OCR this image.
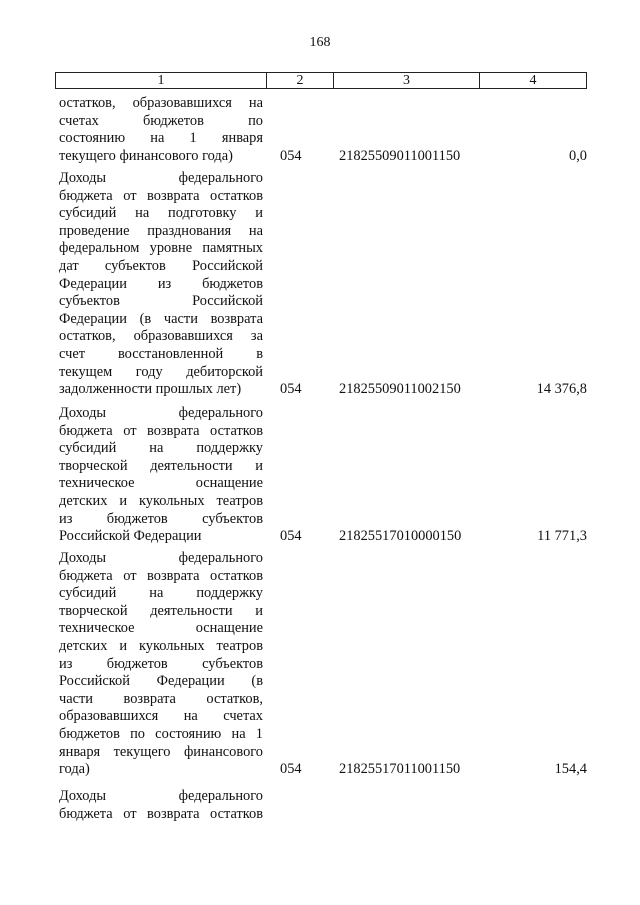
168
1	2	3	4
остатков, образовавшихся на
счетах бюджетов по
состоянию на 1 января
текущего финансового года)	054	21825509011001150	0,0
Доходы федерального
бюджета от возврата остатков
субсидий на подготовку и
проведение празднования на
федеральном уровне памятных
дат субъектов Российской
Федерации из бюджетов
субъектов Российской
Федерации (в части возврата
остатков, образовавшихся за
счет восстановленной в
текущем году дебиторской
задолженности прошлых лет)	054	21825509011002150	14 376,8
Доходы федерального
бюджета от возврата остатков
субсидий на поддержку
творческой деятельности и
техническое оснащение
детских и кукольных театров
из бюджетов субъектов
Российской Федерации	054	21825517010000150	11 771,3
Доходы федерального
бюджета от возврата остатков
субсидий на поддержку
творческой деятельности и
техническое оснащение
детских и кукольных театров
из бюджетов субъектов
Российской Федерации (в
части возврата остатков,
образовавшихся на счетах
бюджетов по состоянию на 1
января текущего финансового
года)	054	21825517011001150	154,4
Доходы федерального
бюджета от возврата остатков
